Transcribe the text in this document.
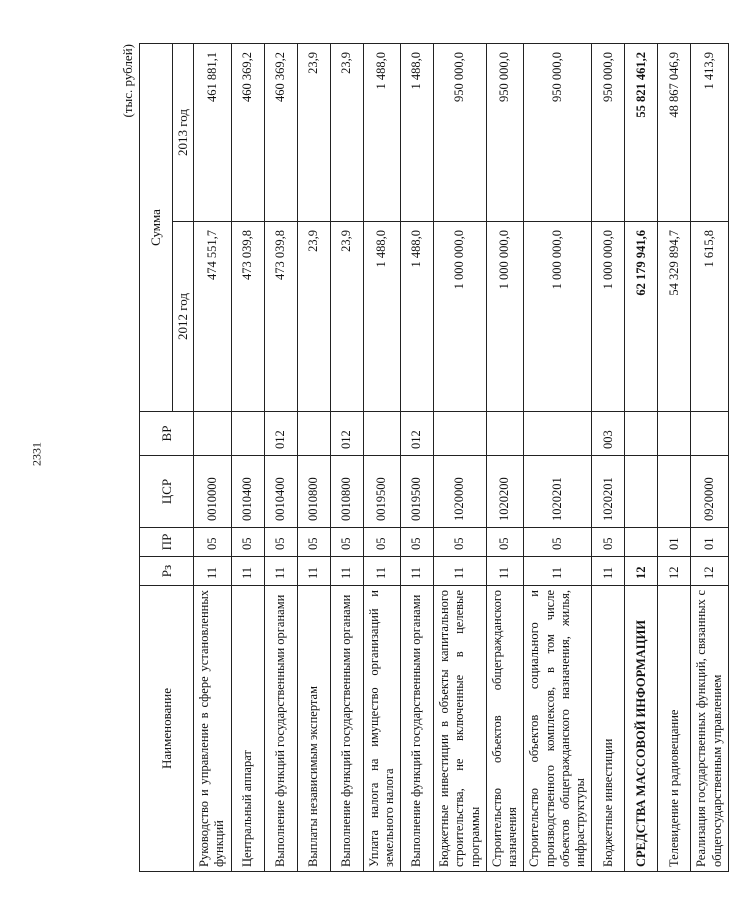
2331
(тыс. рублей)
Наименование	Рз	ПР	ЦСР	ВР	Сумма	
					2012 год	2013 год
Руководство и управление в сфере установленных функций	11	05	0010000		474 551,7	461 881,1
Центральный аппарат	11	05	0010400		473 039,8	460 369,2
Выполнение функций государственными органами	11	05	0010400	012	473 039,8	460 369,2
Выплаты независимым экспертам	11	05	0010800		23,9	23,9
Выполнение функций государственными органами	11	05	0010800	012	23,9	23,9
Уплата налога на имущество организаций и земельного налога	11	05	0019500		1 488,0	1 488,0
Выполнение функций государственными органами	11	05	0019500	012	1 488,0	1 488,0
Бюджетные инвестиции в объекты капитального строительства, не включенные в целевые программы	11	05	1020000		1 000 000,0	950 000,0
Строительство объектов общегражданского назначения	11	05	1020200		1 000 000,0	950 000,0
Строительство объектов социального и производственного комплексов, в том числе объектов общегражданского назначения, жилья, инфраструктуры	11	05	1020201		1 000 000,0	950 000,0
Бюджетные инвестиции	11	05	1020201	003	1 000 000,0	950 000,0
СРЕДСТВА МАССОВОЙ ИНФОРМАЦИИ	12				62 179 941,6	55 821 461,2
Телевидение и радиовещание	12	01			54 329 894,7	48 867 046,9
Реализация государственных функций, связанных с общегосударственным управлением	12	01	0920000		1 615,8	1 413,9
